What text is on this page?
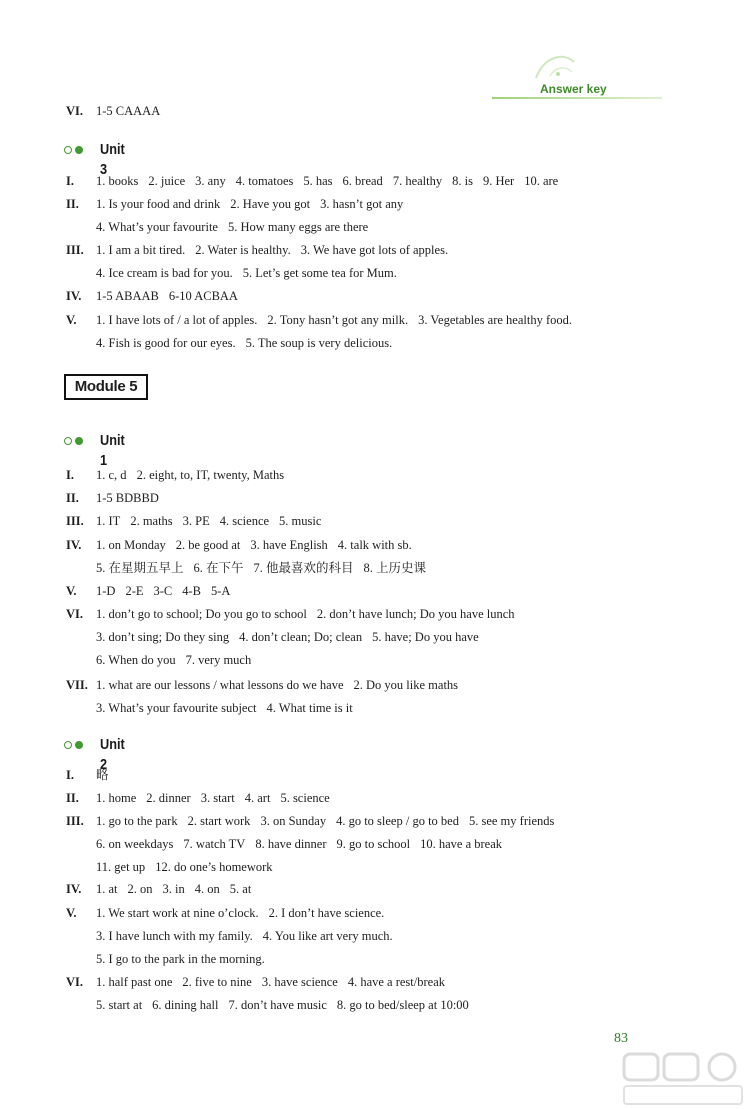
Answer key
VI. 1-5 CAAAA
Unit 3
I. 1. books 2. juice 3. any 4. tomatoes 5. has 6. bread 7. healthy 8. is 9. Her 10. are
II. 1. Is your food and drink 2. Have you got 3. hasn’t got any
4. What’s your favourite 5. How many eggs are there
III. 1. I am a bit tired. 2. Water is healthy. 3. We have got lots of apples.
4. Ice cream is bad for you. 5. Let’s get some tea for Mum.
IV. 1-5 ABAAB 6-10 ACBAA
V. 1. I have lots of / a lot of apples. 2. Tony hasn’t got any milk. 3. Vegetables are healthy food.
4. Fish is good for our eyes. 5. The soup is very delicious.
Unit 1
I. 1. c, d 2. eight, to, IT, twenty, Maths
II. 1-5 BDBBD
III. 1. IT 2. maths 3. PE 4. science 5. music
IV. 1. on Monday 2. be good at 3. have English 4. talk with sb.
5. 在星期五早上 6. 在下午 7. 他最喜欢的科目 8. 上历史课
V. 1-D 2-E 3-C 4-B 5-A
VI. 1. don’t go to school; Do you go to school 2. don’t have lunch; Do you have lunch
3. don’t sing; Do they sing 4. don’t clean; Do; clean 5. have; Do you have
6. When do you 7. very much
VII. 1. what are our lessons / what lessons do we have 2. Do you like maths
3. What’s your favourite subject 4. What time is it
Unit 2
I. 略
II. 1. home 2. dinner 3. start 4. art 5. science
III. 1. go to the park 2. start work 3. on Sunday 4. go to sleep / go to bed 5. see my friends
6. on weekdays 7. watch TV 8. have dinner 9. go to school 10. have a break
11. get up 12. do one’s homework
IV. 1. at 2. on 3. in 4. on 5. at
V. 1. We start work at nine o’clock. 2. I don’t have science.
3. I have lunch with my family. 4. You like art very much.
5. I go to the park in the morning.
VI. 1. half past one 2. five to nine 3. have science 4. have a rest/break
5. start at 6. dining hall 7. don’t have music 8. go to bed/sleep at 10:00
Module 5
83
